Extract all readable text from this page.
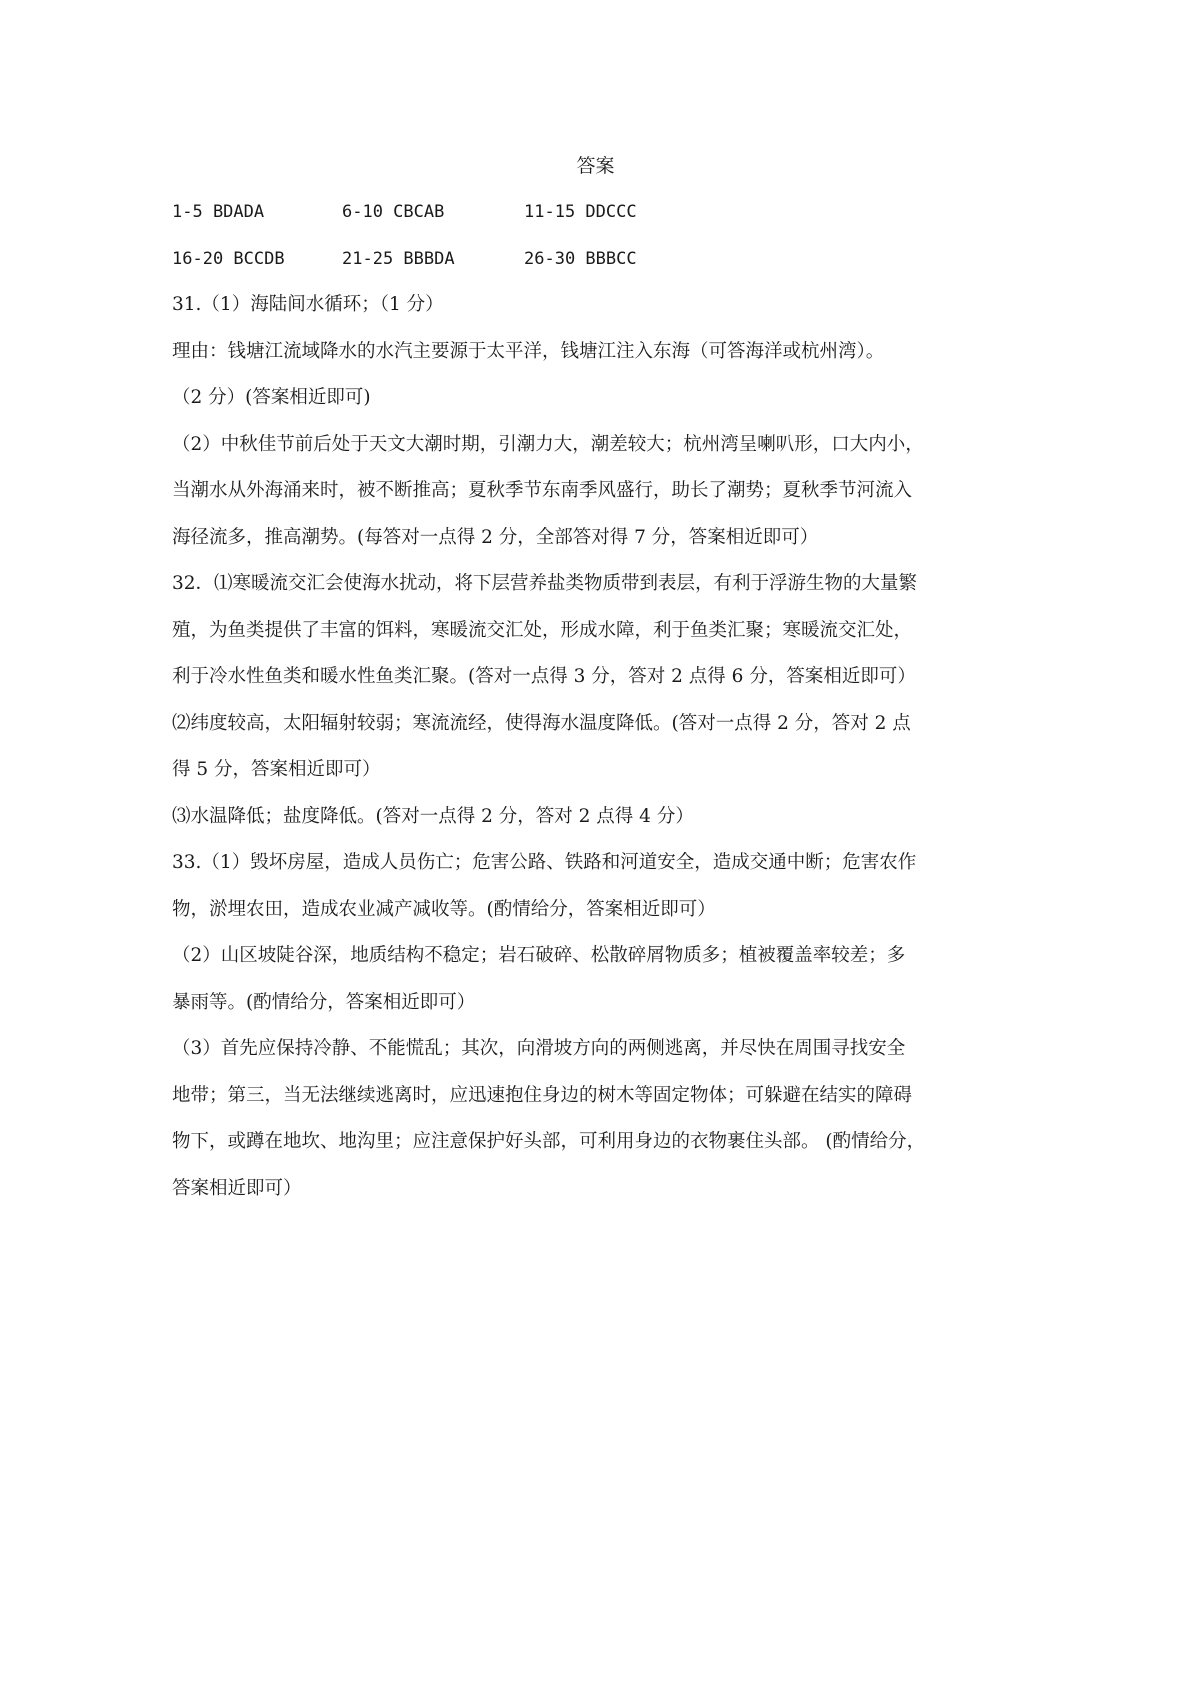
答案
1-5 BDADA	6-10 CBCAB	11-15 DDCCC
16-20 BCCDB	21-25 BBBDA	26-30 BBBCC
31.（1）海陆间水循环；（1 分）
理由：钱塘江流域降水的水汽主要源于太平洋，钱塘江注入东海（可答海洋或杭州湾）。
（2 分）(答案相近即可)
（2）中秋佳节前后处于天文大潮时期，引潮力大，潮差较大；杭州湾呈喇叭形，口大内小，
当潮水从外海涌来时，被不断推高；夏秋季节东南季风盛行，助长了潮势；夏秋季节河流入
海径流多，推高潮势。(每答对一点得 2 分，全部答对得 7 分，答案相近即可）
32．⑴寒暖流交汇会使海水扰动，将下层营养盐类物质带到表层，有利于浮游生物的大量繁
殖，为鱼类提供了丰富的饵料，寒暖流交汇处，形成水障，利于鱼类汇聚；寒暖流交汇处，
利于冷水性鱼类和暖水性鱼类汇聚。(答对一点得 3 分，答对 2 点得 6 分，答案相近即可）
⑵纬度较高，太阳辐射较弱；寒流流经，使得海水温度降低。(答对一点得 2 分，答对 2 点
得 5 分，答案相近即可）
⑶水温降低；盐度降低。(答对一点得 2 分，答对 2 点得 4 分）
33.（1）毁坏房屋，造成人员伤亡；危害公路、铁路和河道安全，造成交通中断；危害农作
物，淤埋农田，造成农业减产减收等。(酌情给分，答案相近即可）
（2）山区坡陡谷深，地质结构不稳定；岩石破碎、松散碎屑物质多；植被覆盖率较差；多
暴雨等。(酌情给分，答案相近即可）
（3）首先应保持冷静、不能慌乱；其次，向滑坡方向的两侧逃离，并尽快在周围寻找安全
地带；第三，当无法继续逃离时，应迅速抱住身边的树木等固定物体；可躲避在结实的障碍
物下，或蹲在地坎、地沟里；应注意保护好头部，可利用身边的衣物裹住头部。 (酌情给分，
答案相近即可）
